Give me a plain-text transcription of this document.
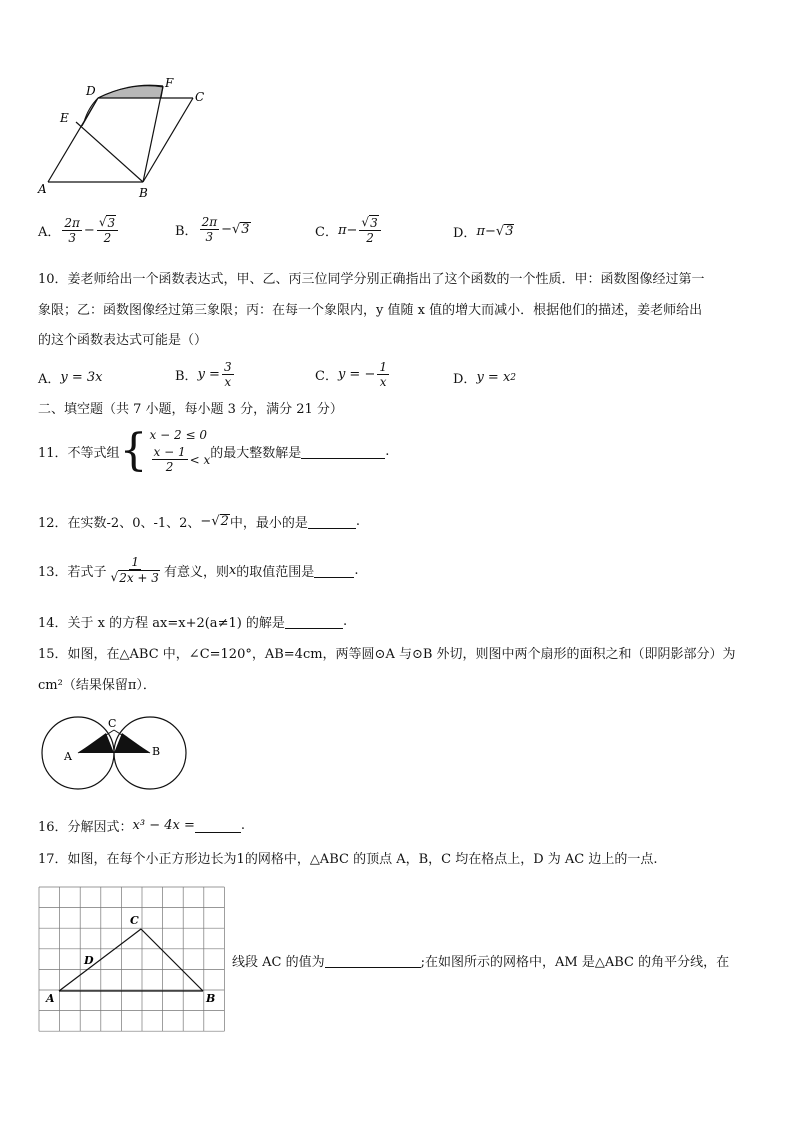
D
F
C
E
A	B
A． $\frac{2\pi}{3} - \frac{√ 3}{2}$	B． $\frac{2\pi}{3}$ − √ 3	C． $\pi - \frac{√ 3}{2}$	D． π − √ 3
10．姜老师给出一个函数表达式，甲、乙、丙三位同学分别正确指出了这个函数的一个性质．甲：函数图像经过第一
象限；乙：函数图像经过第三象限；丙：在每一个象限内，y 值随 x 值的增大而减小．根据他们的描述，姜老师给出
的这个函数表达式可能是（）
A． y = 3x	B． $y = \frac{3}{x}$	C． y = − $\frac{1}{x}$	D． y = x 2
二、填空题（共 7 小题，每小题 3 分，满分 21 分）
11．不等式组 { x − 2 ≤ 0
$\frac{x - 1}{2} < x$ 的最大整数解是	.
12．在实数-2、0、-1、2、 − √ 2 中，最小的是	.
13．若式子 $\frac{1}{√ 2x + 3}$ 有意义，则 x 的取值范围是	.
14．关于 x 的方程 ax=x+2(a≠1) 的解是	.
15．如图，在△ABC 中，∠C=120°，AB=4cm，两等圆⊙A 与⊙B 外切，则图中两个扇形的面积之和（即阴影部分）为
cm²（结果保留π）．
C
A	B
16．分解因式： x³ − 4x =	.
17．如图，在每个小正方形边长为1的网格中，△ABC 的顶点 A，B，C 均在格点上，D 为 AC 边上的一点.
C
D
A	B
线段 AC 的值为	;在如图所示的网格中，AM 是△ABC 的角平分线，在
